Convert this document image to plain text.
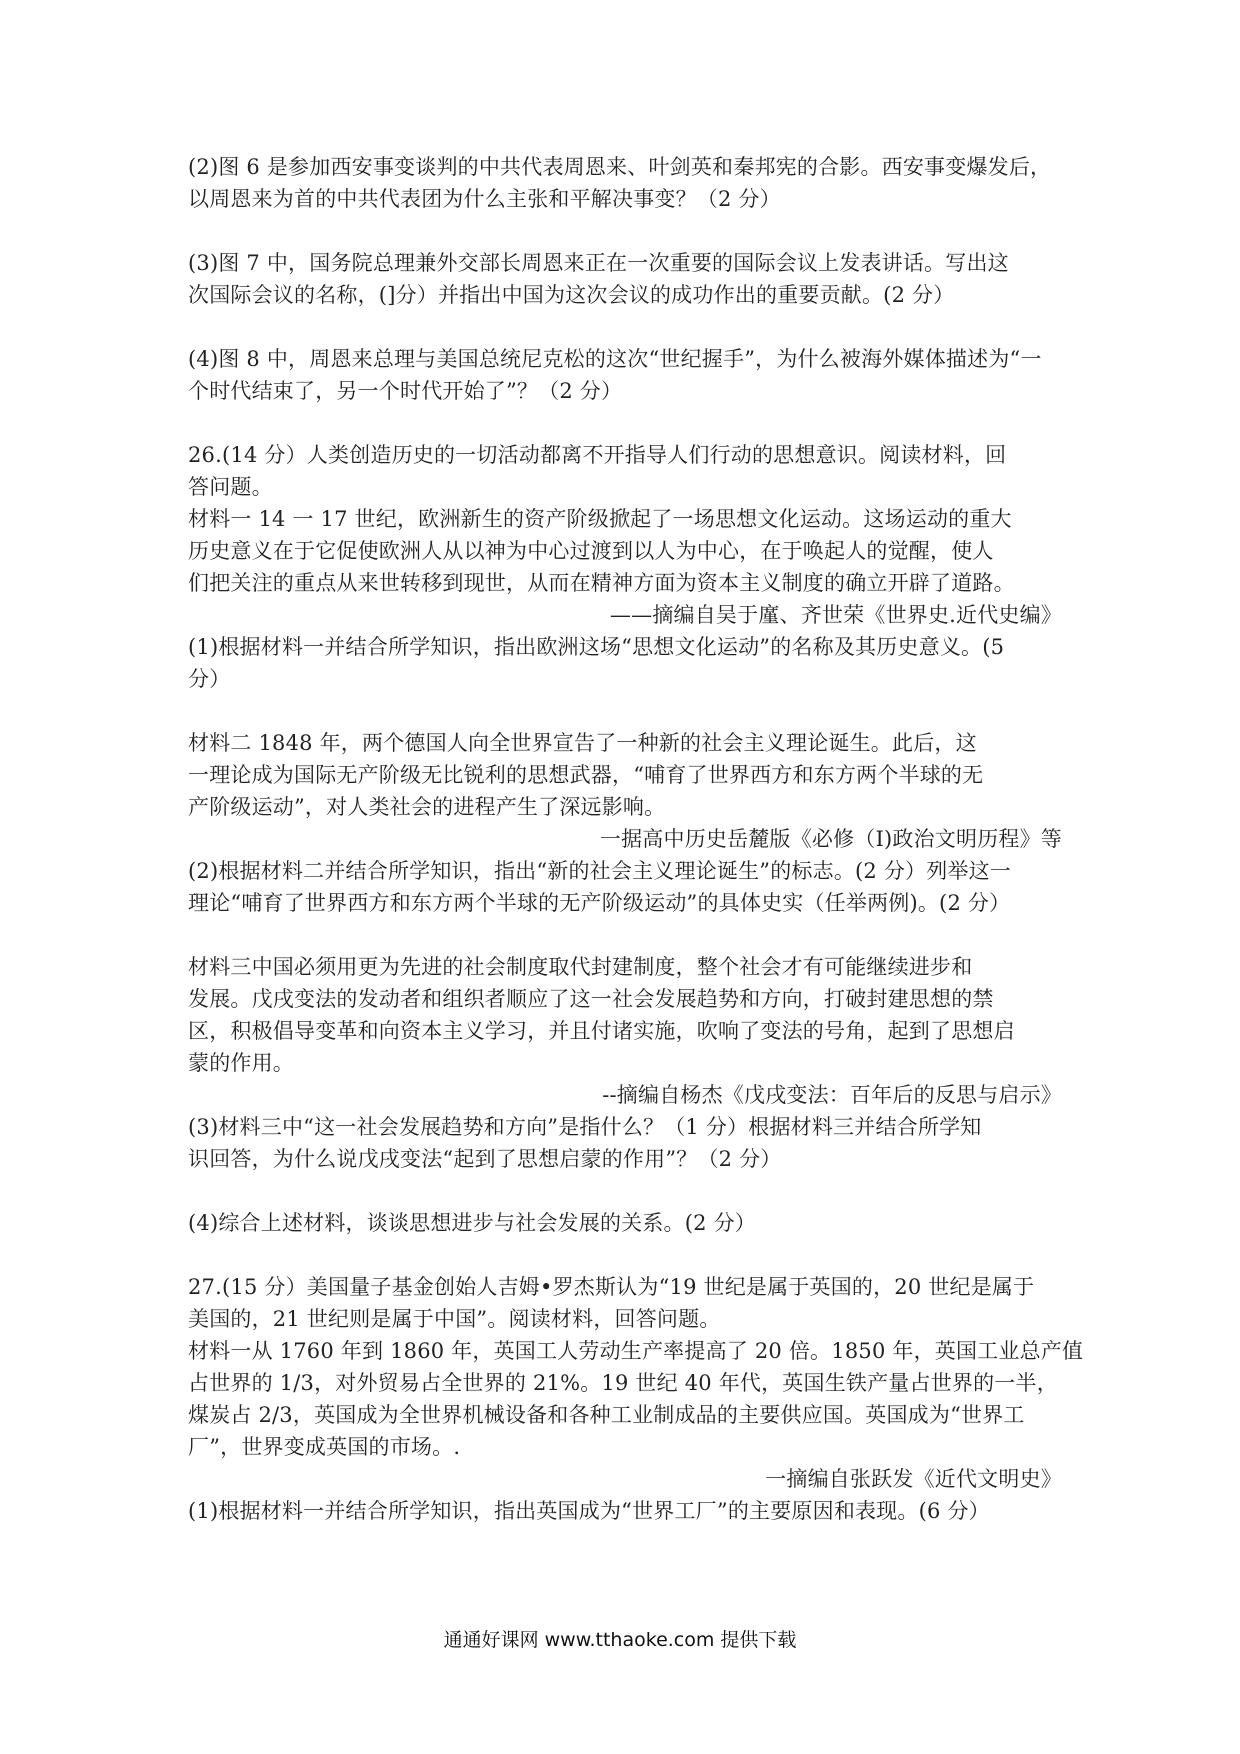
(2)图 6 是参加西安事变谈判的中共代表周恩来、叶剑英和秦邦宪的合影。西安事变爆发后，
以周恩来为首的中共代表团为什么主张和平解决事变？（2 分）
(3)图 7 中，国务院总理兼外交部长周恩来正在一次重要的国际会议上发表讲话。写出这
次国际会议的名称，(]分）并指出中国为这次会议的成功作出的重要贡献。(2 分）
(4)图 8 中，周恩来总理与美国总统尼克松的这次“世纪握手”，为什么被海外媒体描述为“一
个时代结束了，另一个时代开始了”？（2 分）
26.(14 分）人类创造历史的一切活动都离不开指导人们行动的思想意识。阅读材料，回
答问题。
材料一 14 一 17 世纪，欧洲新生的资产阶级掀起了一场思想文化运动。这场运动的重大
历史意义在于它促使欧洲人从以神为中心过渡到以人为中心，在于唤起人的觉醒，使人
们把关注的重点从来世转移到现世，从而在精神方面为资本主义制度的确立开辟了道路。
——摘编自吴于廑、齐世荣《世界史.近代史编》
(1)根据材料一并结合所学知识，指出欧洲这场“思想文化运动”的名称及其历史意义。(5
分）
材料二 1848 年，两个德国人向全世界宣告了一种新的社会主义理论诞生。此后，这
一理论成为国际无产阶级无比锐利的思想武器，“哺育了世界西方和东方两个半球的无
产阶级运动”，对人类社会的进程产生了深远影响。
一据高中历史岳麓版《必修（I)政治文明历程》等
(2)根据材料二并结合所学知识，指出“新的社会主义理论诞生”的标志。(2 分）列举这一
理论“哺育了世界西方和东方两个半球的无产阶级运动”的具体史实（任举两例)。(2 分）
材料三中国必须用更为先进的社会制度取代封建制度，整个社会才有可能继续进步和
发展。戊戌变法的发动者和组织者顺应了这一社会发展趋势和方向，打破封建思想的禁
区，积极倡导变革和向资本主义学习，并且付诸实施，吹响了变法的号角，起到了思想启
蒙的作用。
--摘编自杨杰《戊戌变法：百年后的反思与启示》
(3)材料三中“这一社会发展趋势和方向”是指什么？（1 分）根据材料三并结合所学知
识回答，为什么说戊戌变法“起到了思想启蒙的作用”？（2 分）
(4)综合上述材料，谈谈思想进步与社会发展的关系。(2 分）
27.(15 分）美国量子基金创始人吉姆•罗杰斯认为“19 世纪是属于英国的，20 世纪是属于
美国的，21 世纪则是属于中国”。阅读材料，回答问题。
材料一从 1760 年到 1860 年，英国工人劳动生产率提高了 20 倍。1850 年，英国工业总产值
占世界的 1/3，对外贸易占全世界的 21%。19 世纪 40 年代，英国生铁产量占世界的一半，
煤炭占 2/3，英国成为全世界机械设备和各种工业制成品的主要供应国。英国成为“世界工
厂”，世界变成英国的市场。.
一摘编自张跃发《近代文明史》
(1)根据材料一并结合所学知识，指出英国成为“世界工厂”的主要原因和表现。(6 分）
通通好课网 www.tthaoke.com 提供下载
